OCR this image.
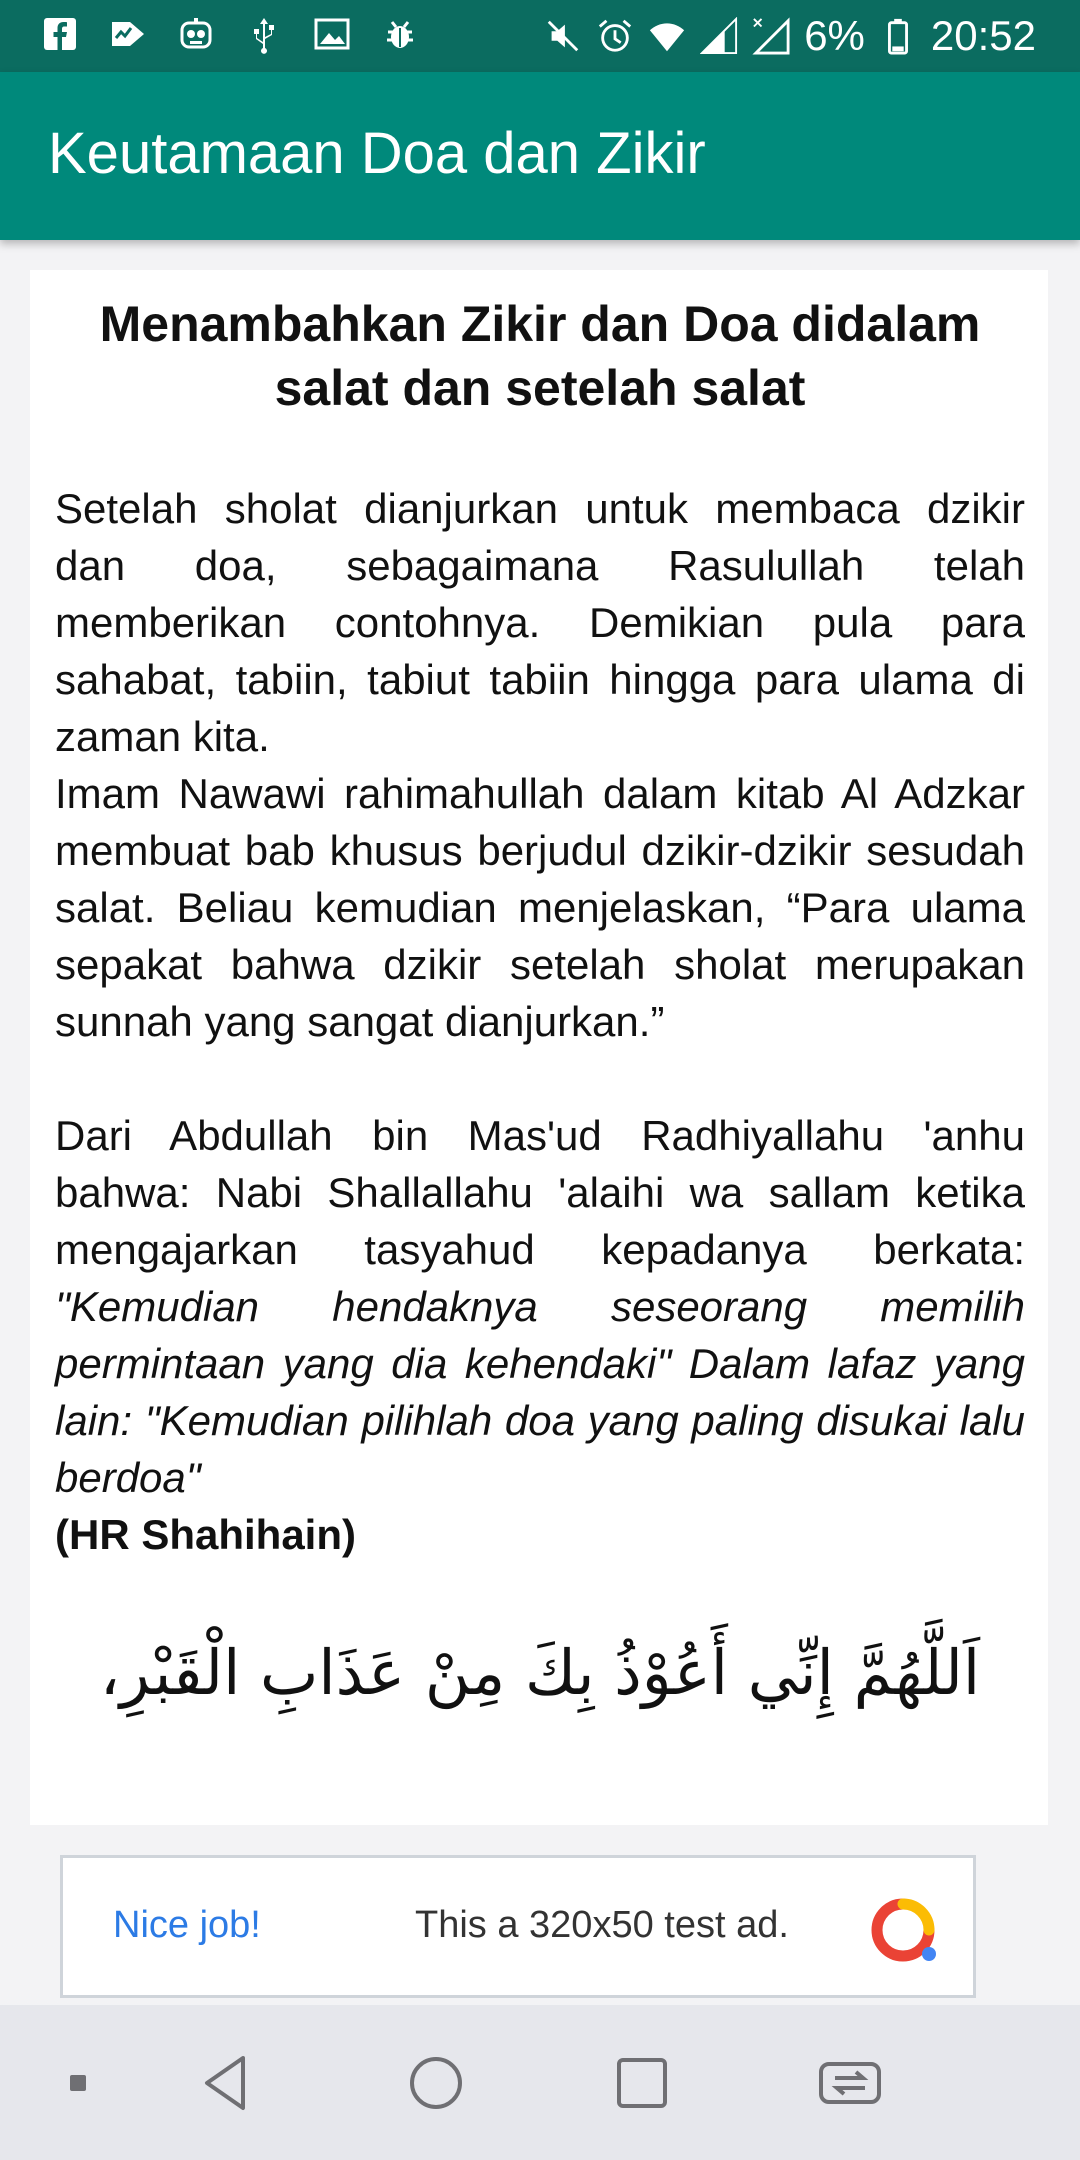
6% 20:52
Keutamaan Doa dan Zikir
Menambahkan Zikir dan Doa didalam salat dan setelah salat

Setelah sholat dianjurkan untuk membaca dzikir dan doa, sebagaimana Rasulullah telah memberikan contohnya. Demikian pula para sahabat, tabiin, tabiut tabiin hingga para ulama di zaman kita.

Imam Nawawi rahimahullah dalam kitab Al Adzkar membuat bab khusus berjudul dzikir-dzikir sesudah salat. Beliau kemudian menjelaskan, “Para ulama sepakat bahwa dzikir setelah sholat merupakan sunnah yang sangat dianjurkan.”

Dari Abdullah bin Mas'ud Radhiyallahu 'anhu bahwa: Nabi Shallallahu 'alaihi wa sallam ketika mengajarkan tasyahud kepadanya berkata: "Kemudian hendaknya seseorang memilih permintaan yang dia kehendaki" Dalam lafaz yang lain: "Kemudian pilihlah doa yang paling disukai lalu berdoa"

(HR Shahihain)

اَللَّهُمَّ إِنِّي أَعُوْذُ بِكَ مِنْ عَذَابِ الْقَبْرِ،
Nice job!	This a 320x50 test ad.
